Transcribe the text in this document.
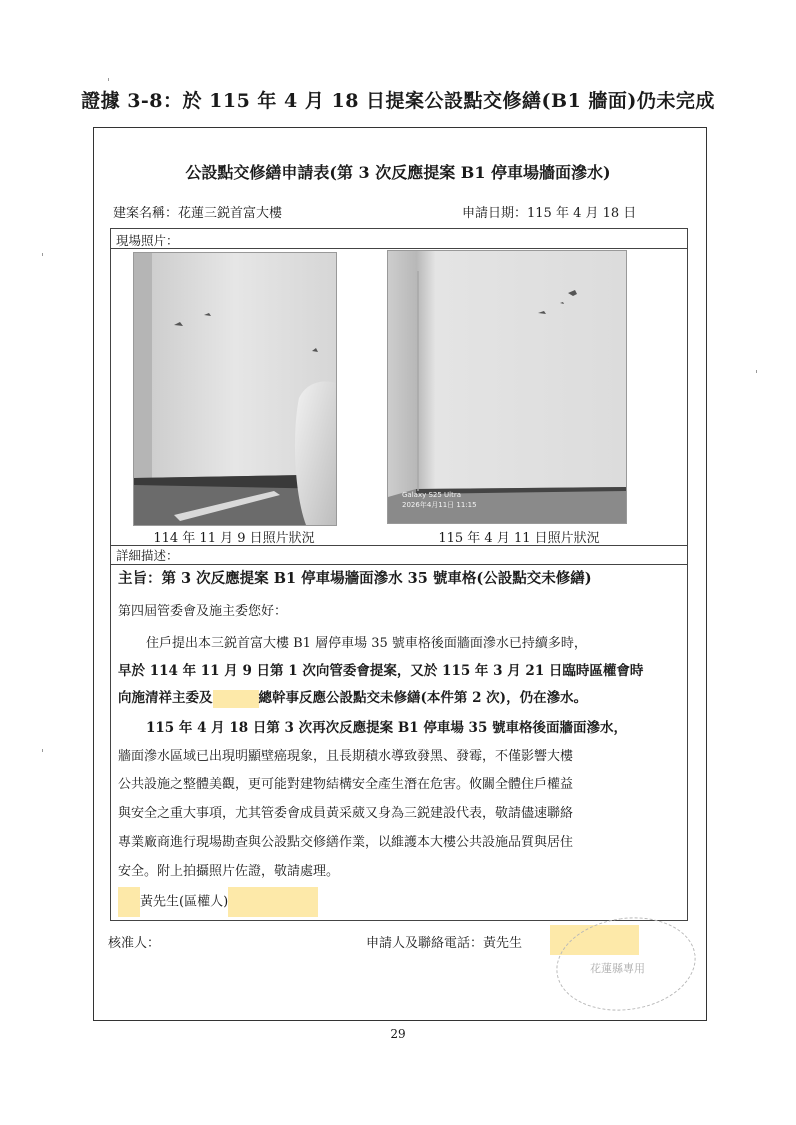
證據 3-8：於 115 年 4 月 18 日提案公設點交修繕(B1 牆面)仍未完成
公設點交修繕申請表(第 3 次反應提案 B1 停車場牆面滲水)
建案名稱：花蓮三鋭首富大樓	申請日期：115 年 4 月 18 日
現場照片：
114 年 11 月 9 日照片狀況
Galaxy S25 Ultra
2026年4月11日 11:15
115 年 4 月 11 日照片狀況
詳細描述：
主旨：第 3 次反應提案 B1 停車場牆面滲水 35 號車格(公設點交未修繕)
第四屆管委會及施主委您好：
住戶提出本三鋭首富大樓 B1 層停車場 35 號車格後面牆面滲水已持續多時，
早於 114 年 11 月 9 日第 1 次向管委會提案，又於 115 年 3 月 21 日臨時區權會時
向施清祥主委及	總幹事反應公設點交未修繕(本件第 2 次)，仍在滲水。
115 年 4 月 18 日第 3 次再次反應提案 B1 停車場 35 號車格後面牆面滲水，
牆面滲水區域已出現明顯壁癌現象，且長期積水導致發黑、發霉，不僅影響大樓
公共設施之整體美觀，更可能對建物結構安全產生潛在危害。攸關全體住戶權益
與安全之重大事項，尤其管委會成員黃采葳又身為三鋭建設代表，敬請儘速聯絡
專業廠商進行現場勘查與公設點交修繕作業，以維護本大樓公共設施品質與居住
安全。附上拍攝照片佐證，敬請處理。
黃先生(區權人)
核准人：	申請人及聯絡電話：黃先生
花蓮縣專用
29
